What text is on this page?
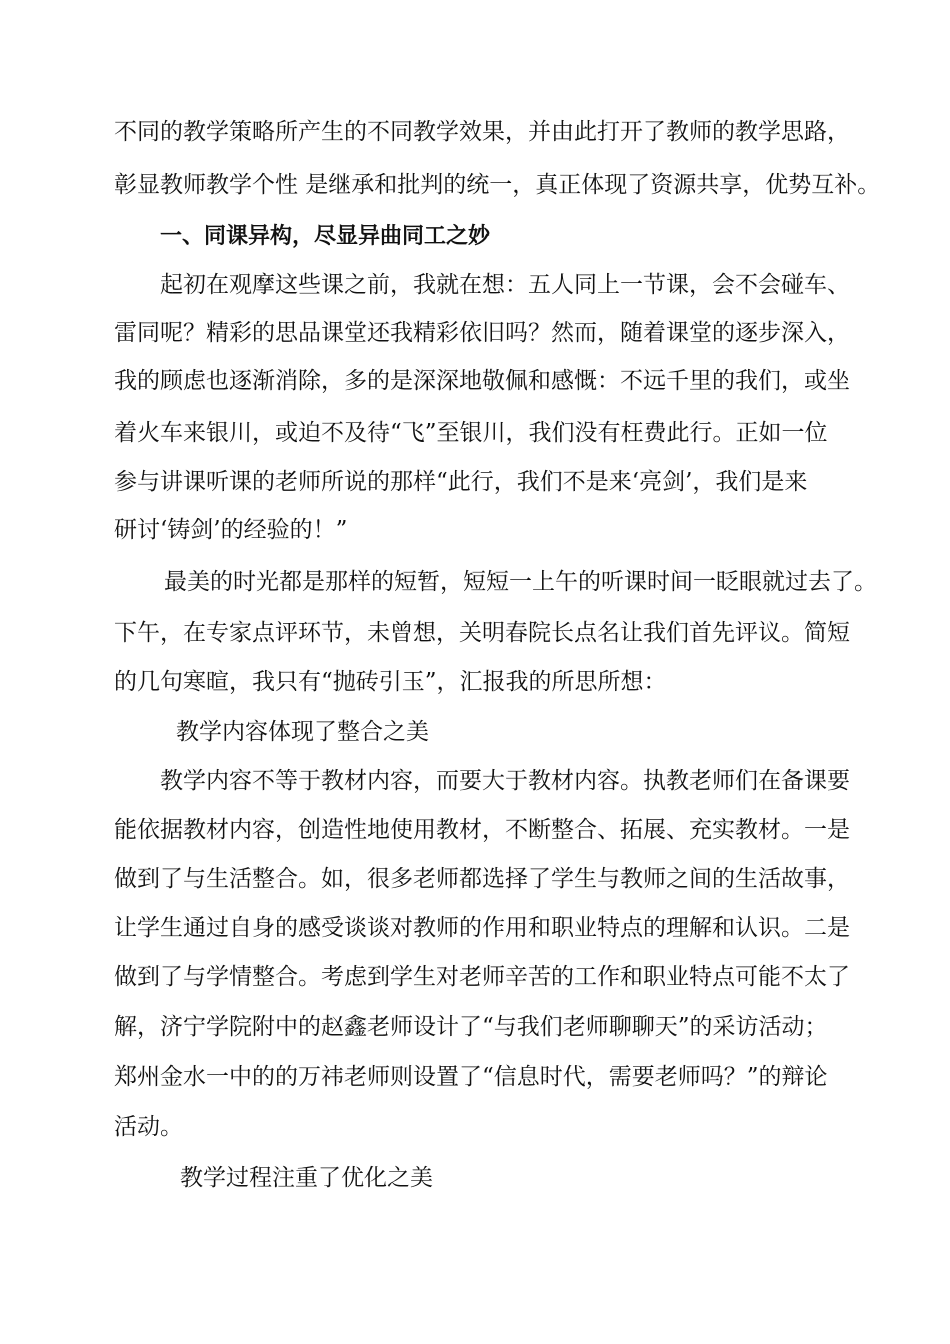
不同的教学策略所产生的不同教学效果，并由此打开了教师的教学思路，
彰显教师教学个性 是继承和批判的统一，真正体现了资源共享，优势互补。
一、同课异构，尽显异曲同工之妙
起初在观摩这些课之前，我就在想：五人同上一节课，会不会碰车、
雷同呢？精彩的思品课堂还我精彩依旧吗？然而，随着课堂的逐步深入，
我的顾虑也逐渐消除，多的是深深地敬佩和感慨：不远千里的我们，或坐
着火车来银川，或迫不及待“飞”至银川，我们没有枉费此行。正如一位
参与讲课听课的老师所说的那样“此行，我们不是来‘亮剑’，我们是来
研讨‘铸剑’的经验的！”
最美的时光都是那样的短暂，短短一上午的听课时间一眨眼就过去了。
下午，在专家点评环节，未曾想，关明春院长点名让我们首先评议。简短
的几句寒暄，我只有“抛砖引玉”，汇报我的所思所想：
教学内容体现了整合之美
教学内容不等于教材内容，而要大于教材内容。执教老师们在备课要
能依据教材内容，创造性地使用教材，不断整合、拓展、充实教材。一是
做到了与生活整合。如，很多老师都选择了学生与教师之间的生活故事，
让学生通过自身的感受谈谈对教师的作用和职业特点的理解和认识。二是
做到了与学情整合。考虑到学生对老师辛苦的工作和职业特点可能不太了
解，济宁学院附中的赵鑫老师设计了“与我们老师聊聊天”的采访活动；
郑州金水一中的的万祎老师则设置了“信息时代，需要老师吗？”的辩论
活动。
教学过程注重了优化之美
